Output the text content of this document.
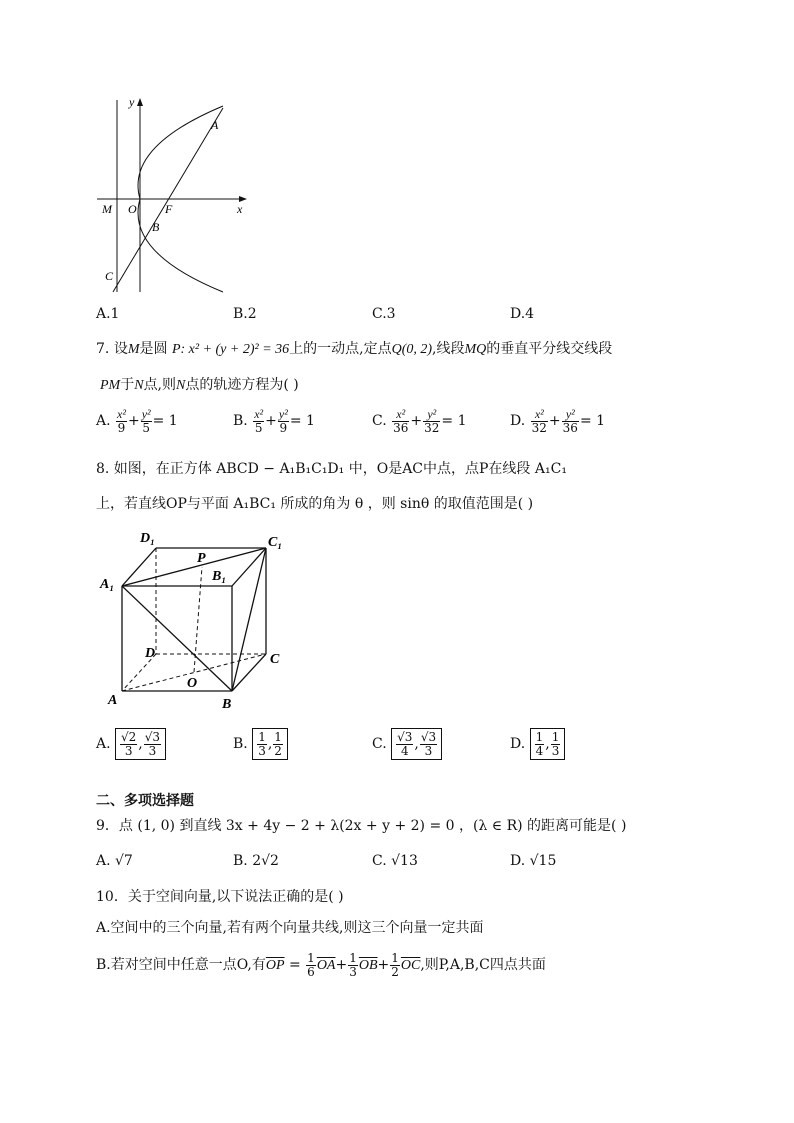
y
x
A
M O F
B
C
A.1	B.2	C.3	D.4
7. 设M是圆 P: x² + (y + 2)² = 36上的一动点,定点Q(0, 2),线段MQ的垂直平分线交线段
PM于N点,则N点的轨迹方程为( )
A. $\frac{\text{x²}}{9} + \frac{\text{y²}}{5} = 1$	B. $\frac{\text{x²}}{5} + \frac{\text{y²}}{9} = 1$	C. $\frac{\text{x²}}{36} + \frac{\text{y²}}{32} = 1$	D. $\frac{\text{x²}}{32} + \frac{\text{y²}}{36} = 1$
8. 如图，在正方体 ABCD − A₁B₁C₁D₁ 中，O是AC中点，点P在线段 A₁C₁
上，若直线OP与平面 A₁BC₁ 所成的角为 θ ，则 sinθ 的取值范围是( )
D₁
P
C₁
B₁
A₁
D	C
O
A	B
A. $\frac{√2}{3}$ , $\frac{√3}{3}$	B. $\frac{1}{3}$ , $\frac{1}{2}$	C. $\frac{√3}{4}$ , $\frac{√3}{3}$	D. $\frac{1}{4}$ , $\frac{1}{3}$
二、多项选择题
9．点 (1, 0) 到直线 3x + 4y − 2 + λ(2x + y + 2) = 0 ，(λ ∈ R) 的距离可能是( )
A. √7	B. 2√2	C. √13	D. √15
10．关于空间向量,以下说法正确的是( )
A.空间中的三个向量,若有两个向量共线,则这三个向量一定共面
B.若对空间中任意一点O,有$\overline{OP} = \frac{1}{6} \overline{OA}+ \frac{1}{3} \overline{OB}+ \frac{1}{2} \overline{OC}$,则P,A,B,C四点共面
